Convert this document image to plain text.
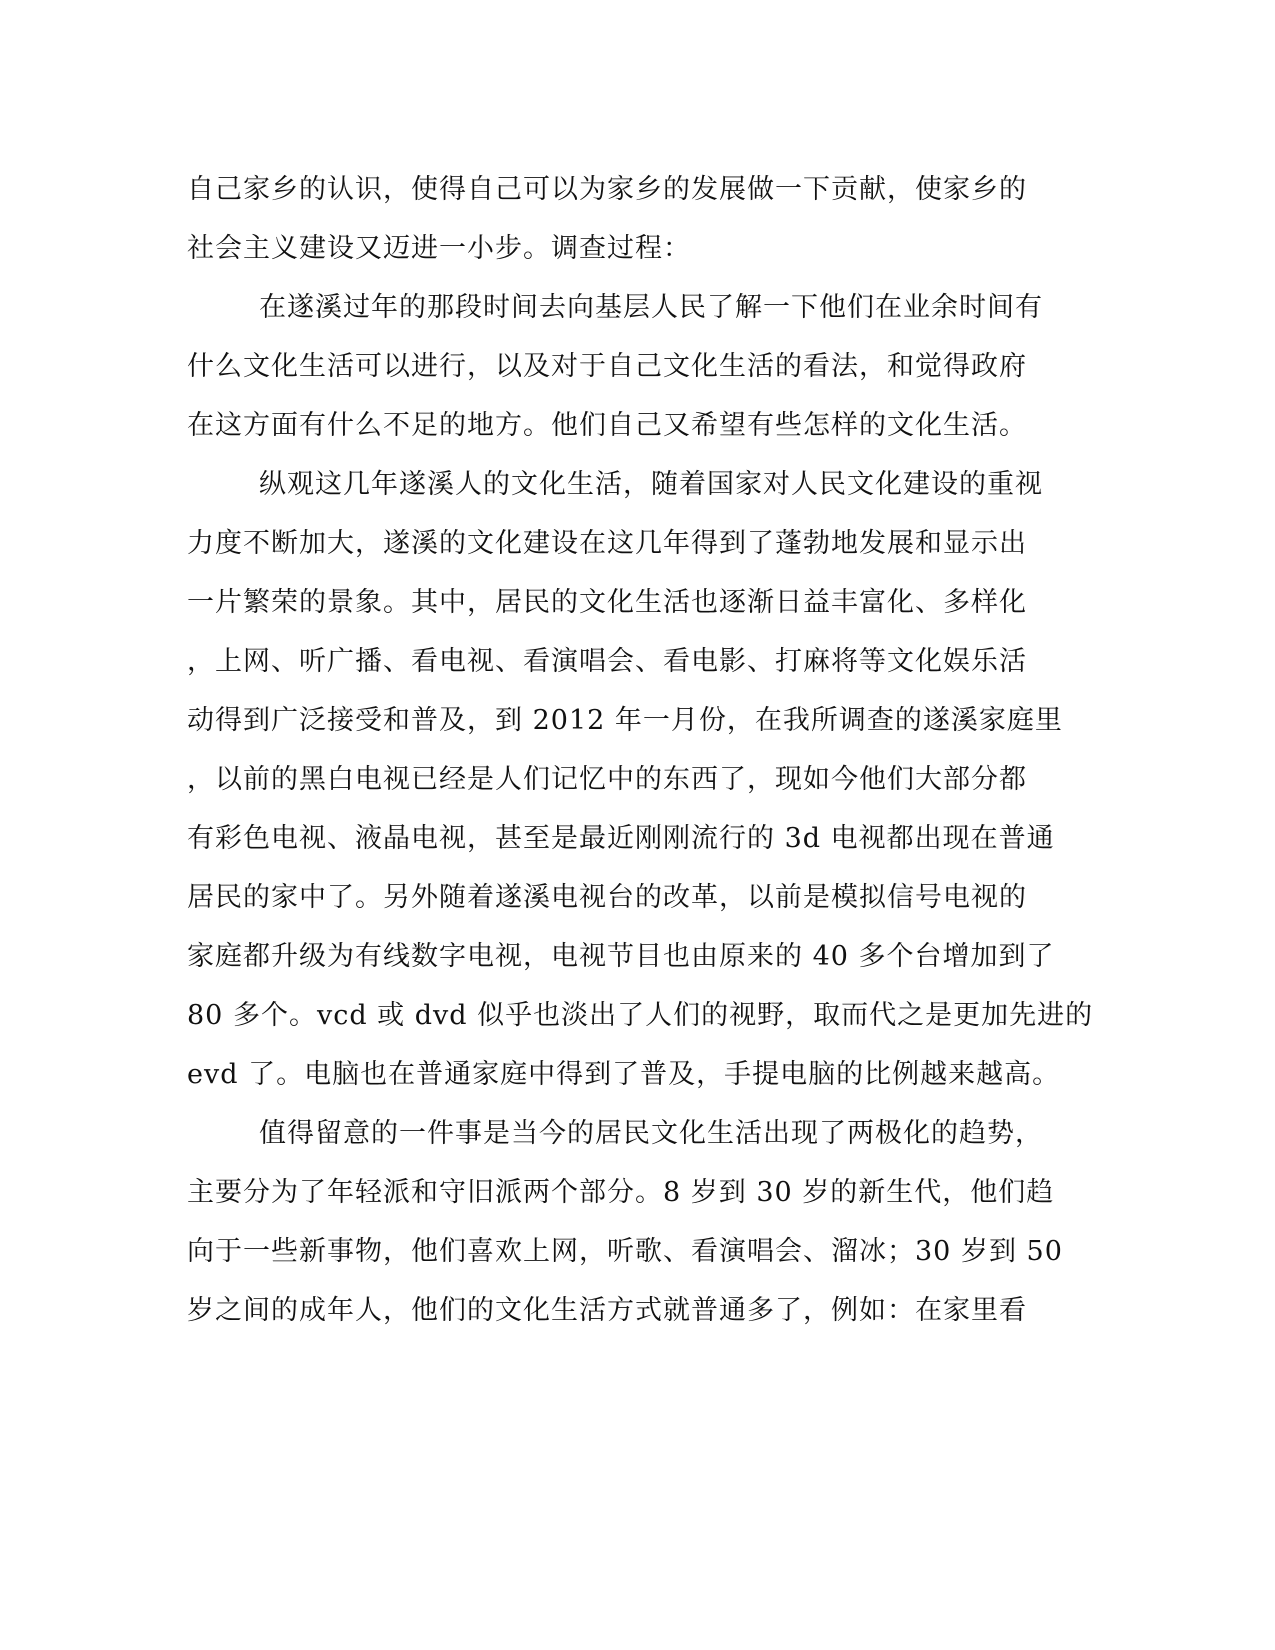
自己家乡的认识，使得自己可以为家乡的发展做一下贡献，使家乡的
社会主义建设又迈进一小步。调查过程：
在遂溪过年的那段时间去向基层人民了解一下他们在业余时间有
什么文化生活可以进行，以及对于自己文化生活的看法，和觉得政府
在这方面有什么不足的地方。他们自己又希望有些怎样的文化生活。
纵观这几年遂溪人的文化生活，随着国家对人民文化建设的重视
力度不断加大，遂溪的文化建设在这几年得到了蓬勃地发展和显示出
一片繁荣的景象。其中，居民的文化生活也逐渐日益丰富化、多样化
，上网、听广播、看电视、看演唱会、看电影、打麻将等文化娱乐活
动得到广泛接受和普及，到 2012 年一月份，在我所调查的遂溪家庭里
，以前的黑白电视已经是人们记忆中的东西了，现如今他们大部分都
有彩色电视、液晶电视，甚至是最近刚刚流行的 3d 电视都出现在普通
居民的家中了。另外随着遂溪电视台的改革，以前是模拟信号电视的
家庭都升级为有线数字电视，电视节目也由原来的 40 多个台增加到了
80 多个。vcd 或 dvd 似乎也淡出了人们的视野，取而代之是更加先进的
evd 了。电脑也在普通家庭中得到了普及，手提电脑的比例越来越高。
值得留意的一件事是当今的居民文化生活出现了两极化的趋势，
主要分为了年轻派和守旧派两个部分。8 岁到 30 岁的新生代，他们趋
向于一些新事物，他们喜欢上网，听歌、看演唱会、溜冰；30 岁到 50
岁之间的成年人，他们的文化生活方式就普通多了，例如：在家里看
